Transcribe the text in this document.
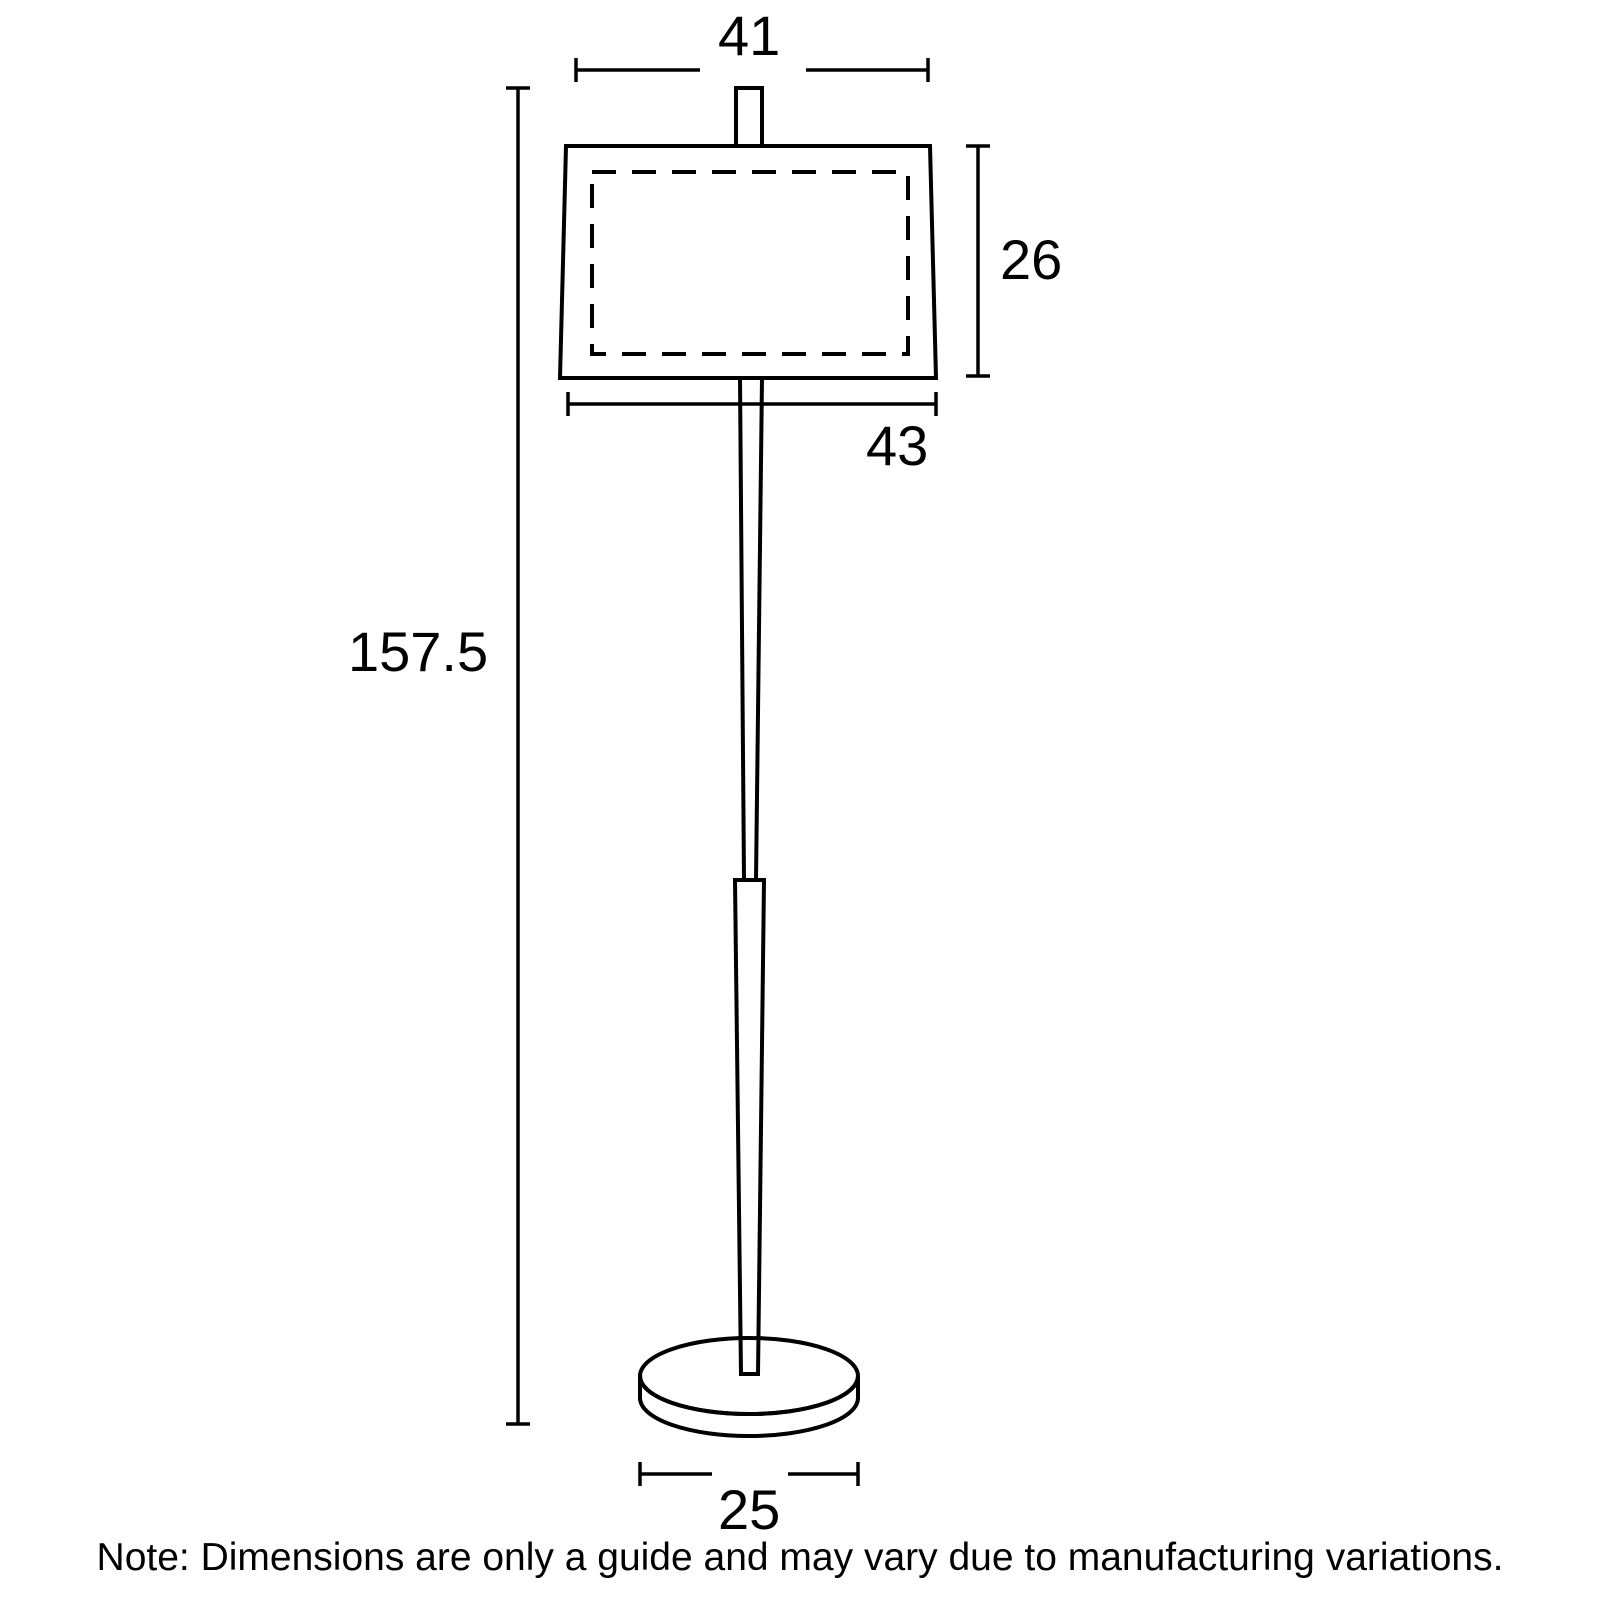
41
26
43
157.5
25
Note: Dimensions are only a guide and may vary due to manufacturing variations.
